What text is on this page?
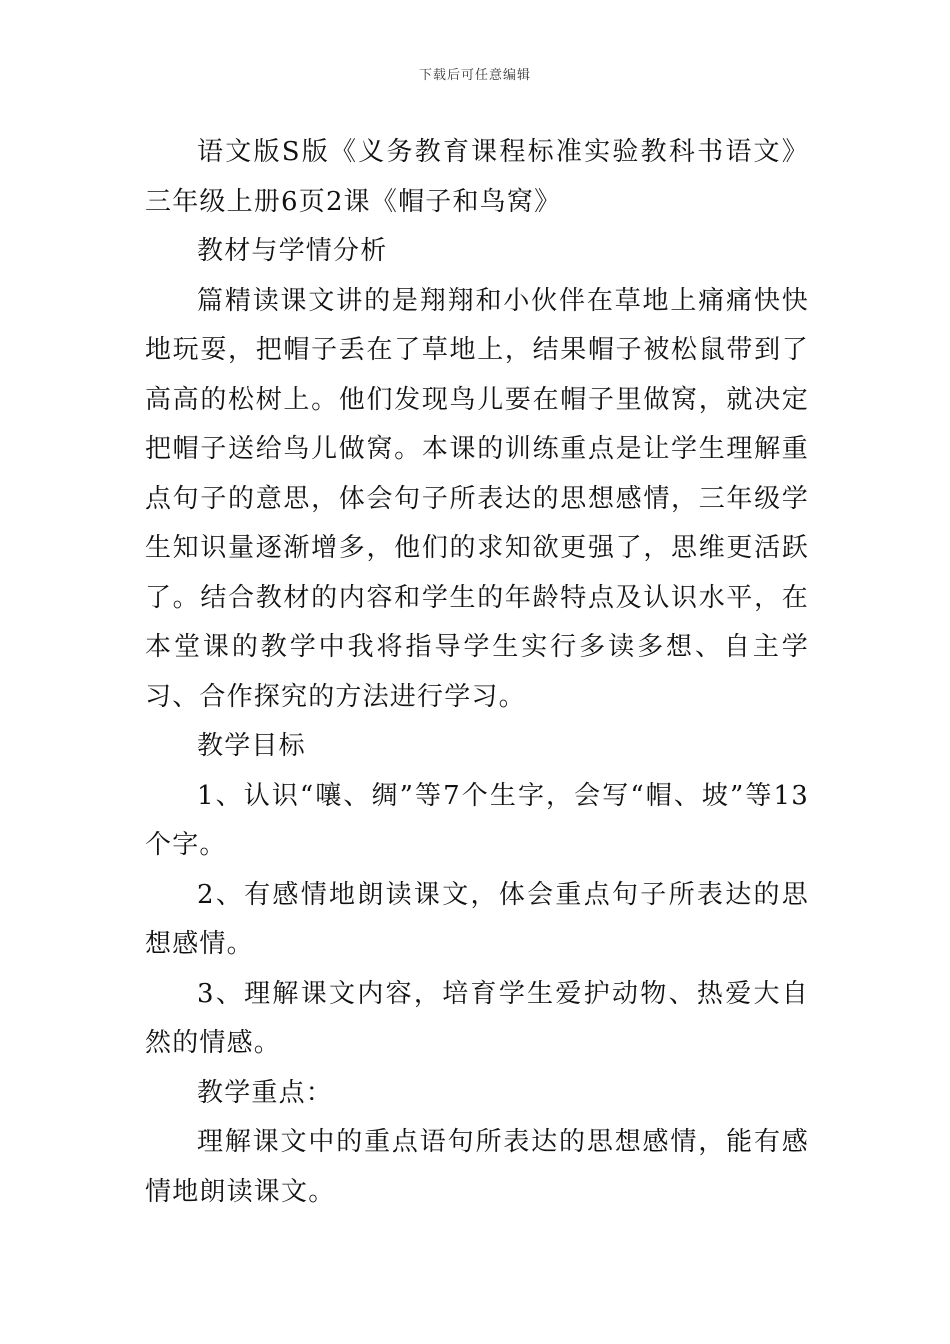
下载后可任意编辑

语文版S版《义务教育课程标准实验教科书语文》三年级上册6页2课《帽子和鸟窝》

教材与学情分析

篇精读课文讲的是翔翔和小伙伴在草地上痛痛快快地玩耍，把帽子丢在了草地上，结果帽子被松鼠带到了高高的松树上。他们发现鸟儿要在帽子里做窝，就决定把帽子送给鸟儿做窝。本课的训练重点是让学生理解重点句子的意思，体会句子所表达的思想感情，三年级学生知识量逐渐增多，他们的求知欲更强了，思维更活跃了。结合教材的内容和学生的年龄特点及认识水平，在本堂课的教学中我将指导学生实行多读多想、自主学习、合作探究的方法进行学习。

教学目标

1、认识“嚷、绸”等7个生字，会写“帽、坡”等13个字。

2、有感情地朗读课文，体会重点句子所表达的思想感情。

3、理解课文内容，培育学生爱护动物、热爱大自然的情感。

教学重点：

理解课文中的重点语句所表达的思想感情，能有感情地朗读课文。
